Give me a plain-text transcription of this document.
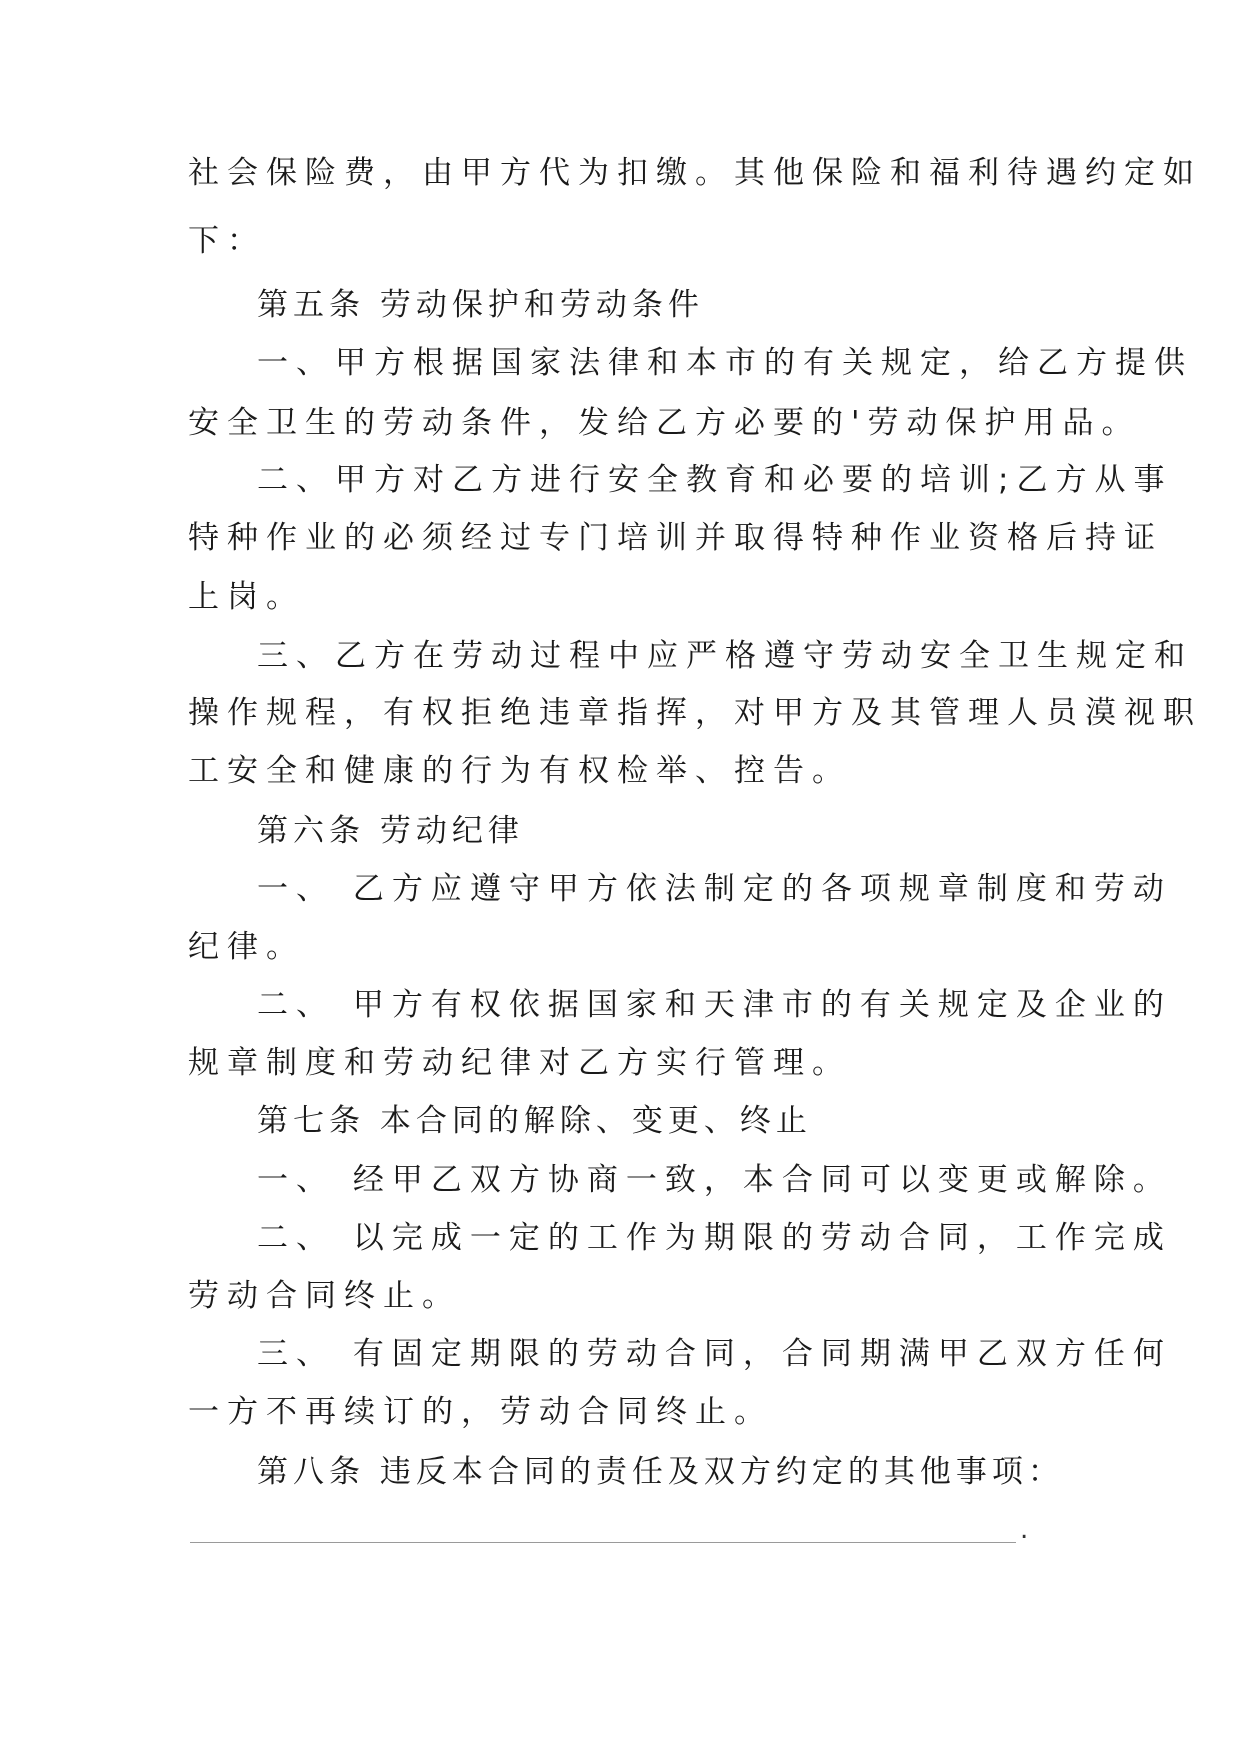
社会保险费，由甲方代为扣缴。其他保险和福利待遇约定如
下：
第五条 劳动保护和劳动条件
一、甲方根据国家法律和本市的有关规定，给乙方提供
安全卫生的劳动条件，发给乙方必要的'劳动保护用品。
二、甲方对乙方进行安全教育和必要的培训;乙方从事
特种作业的必须经过专门培训并取得特种作业资格后持证
上岗。
三、乙方在劳动过程中应严格遵守劳动安全卫生规定和
操作规程，有权拒绝违章指挥，对甲方及其管理人员漠视职
工安全和健康的行为有权检举、控告。
第六条 劳动纪律
一、 乙方应遵守甲方依法制定的各项规章制度和劳动
纪律。
二、 甲方有权依据国家和天津市的有关规定及企业的
规章制度和劳动纪律对乙方实行管理。
第七条 本合同的解除、变更、终止
一、 经甲乙双方协商一致，本合同可以变更或解除。
二、 以完成一定的工作为期限的劳动合同，工作完成
劳动合同终止。
三、 有固定期限的劳动合同，合同期满甲乙双方任何
一方不再续订的，劳动合同终止。
第八条 违反本合同的责任及双方约定的其他事项：
.
